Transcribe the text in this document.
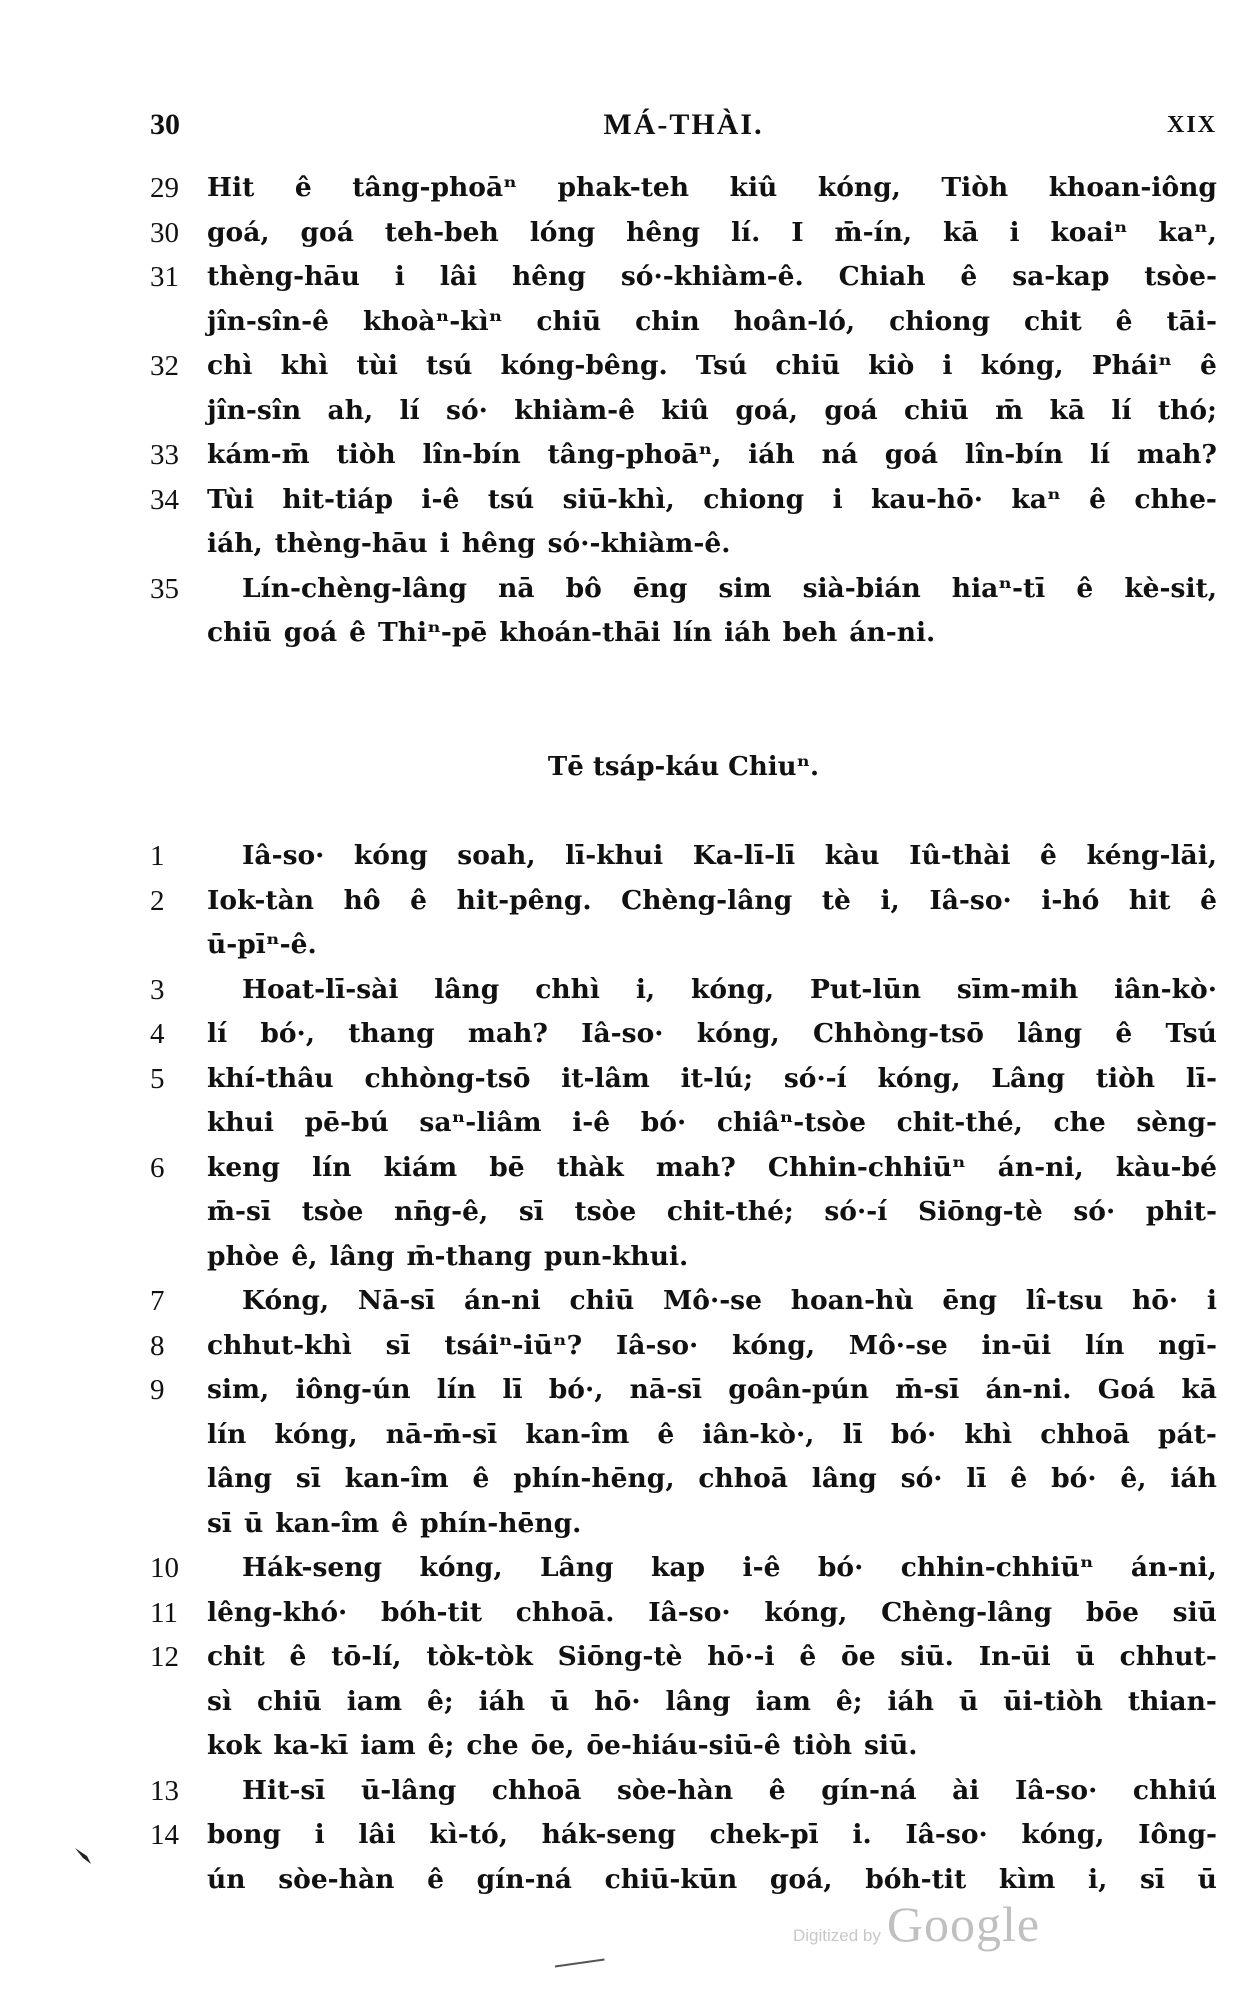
30	MÁ-THÀI.	XIX
29	Hit ê tâng-phoāⁿ phak-teh kiû kóng, Tiòh khoan-iông
30	goá, goá teh-beh lóng hêng lí. I m̄-ín, kā i koaiⁿ kaⁿ,
31	thèng-hāu i lâi hêng só·-khiàm-ê. Chiah ê sa-kap tsòe-
jîn-sîn-ê khoàⁿ-kìⁿ chiū chin hoân-ló, chiong chit ê tāi-
32	chì khì tùi tsú kóng-bêng. Tsú chiū kiò i kóng, Pháiⁿ ê
jîn-sîn ah, lí só· khiàm-ê kiû goá, goá chiū m̄ kā lí thó;
33	kám-m̄ tiòh lîn-bín tâng-phoāⁿ, iáh ná goá lîn-bín lí mah?
34	Tùi hit-tiáp i-ê tsú siū-khì, chiong i kau-hō· kaⁿ ê chhe-
iáh, thèng-hāu i hêng só·-khiàm-ê.
35	Lín-chèng-lâng nā bô ēng sim sià-bián hiaⁿ-tī ê kè-sit,
chiū goá ê Thiⁿ-pē khoán-thāi lín iáh beh án-ni.
Tē tsáp-káu Chiuⁿ.
1	Iâ-so· kóng soah, lī-khui Ka-lī-lī kàu Iû-thài ê kéng-lāi,
2	Iok-tàn hô ê hit-pêng. Chèng-lâng tè i, Iâ-so· i-hó hit ê
ū-pīⁿ-ê.
3	Hoat-lī-sài lâng chhì i, kóng, Put-lūn sīm-mih iân-kò·
4	lí bó·, thang mah? Iâ-so· kóng, Chhòng-tsō lâng ê Tsú
5	khí-thâu chhòng-tsō it-lâm it-lú; só·-í kóng, Lâng tiòh lī-
khui pē-bú saⁿ-liâm i-ê bó· chiâⁿ-tsòe chit-thé, che sèng-
6	keng lín kiám bē thàk mah? Chhin-chhiūⁿ án-ni, kàu-bé
m̄-sī tsòe nn̄g-ê, sī tsòe chit-thé; só·-í Siōng-tè só· phit-
phòe ê, lâng m̄-thang pun-khui.
7	Kóng, Nā-sī án-ni chiū Mô·-se hoan-hù ēng lî-tsu hō· i
8	chhut-khì sī tsáiⁿ-iūⁿ? Iâ-so· kóng, Mô·-se in-ūi lín ngī-
9	sim, iông-ún lín lī bó·, nā-sī goân-pún m̄-sī án-ni. Goá kā
lín kóng, nā-m̄-sī kan-îm ê iân-kò·, lī bó· khì chhoā pát-
lâng sī kan-îm ê phín-hēng, chhoā lâng só· lī ê bó· ê, iáh
sī ū kan-îm ê phín-hēng.
10	Hák-seng kóng, Lâng kap i-ê bó· chhin-chhiūⁿ án-ni,
11	lêng-khó· bóh-tit chhoā. Iâ-so· kóng, Chèng-lâng bōe siū
12	chit ê tō-lí, tòk-tòk Siōng-tè hō·-i ê ōe siū. In-ūi ū chhut-
sì chiū iam ê; iáh ū hō· lâng iam ê; iáh ū ūi-tiòh thian-
kok ka-kī iam ê; che ōe, ōe-hiáu-siū-ê tiòh siū.
13	Hit-sī ū-lâng chhoā sòe-hàn ê gín-ná ài Iâ-so· chhiú
14	bong i lâi kì-tó, hák-seng chek-pī i. Iâ-so· kóng, Iông-
ún sòe-hàn ê gín-ná chiū-kūn goá, bóh-tit kìm i, sī ū
Digitized by Google
